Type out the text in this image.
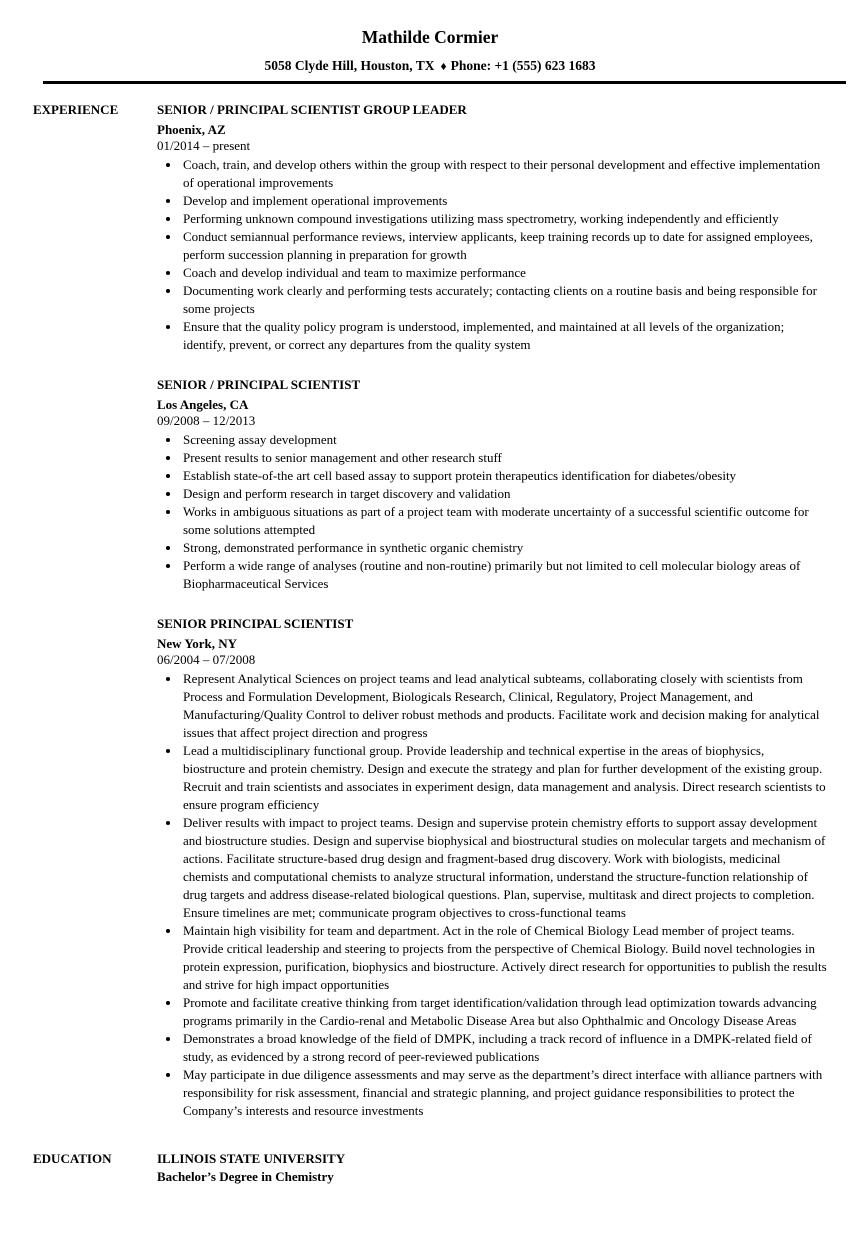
Mathilde Cormier
5058 Clyde Hill, Houston, TX ♦ Phone: +1 (555) 623 1683
EXPERIENCE	SENIOR / PRINCIPAL SCIENTIST GROUP LEADER
Phoenix, AZ
01/2014 – present
• Coach, train, and develop others within the group with respect to their personal development and effective implementation of operational improvements
• Develop and implement operational improvements
• Performing unknown compound investigations utilizing mass spectrometry, working independently and efficiently
• Conduct semiannual performance reviews, interview applicants, keep training records up to date for assigned employees, perform succession planning in preparation for growth
• Coach and develop individual and team to maximize performance
• Documenting work clearly and performing tests accurately; contacting clients on a routine basis and being responsible for some projects
• Ensure that the quality policy program is understood, implemented, and maintained at all levels of the organization; identify, prevent, or correct any departures from the quality system
SENIOR / PRINCIPAL SCIENTIST
Los Angeles, CA
09/2008 – 12/2013
• Screening assay development
• Present results to senior management and other research stuff
• Establish state-of-the art cell based assay to support protein therapeutics identification for diabetes/obesity
• Design and perform research in target discovery and validation
• Works in ambiguous situations as part of a project team with moderate uncertainty of a successful scientific outcome for some solutions attempted
• Strong, demonstrated performance in synthetic organic chemistry
• Perform a wide range of analyses (routine and non-routine) primarily but not limited to cell molecular biology areas of Biopharmaceutical Services
SENIOR PRINCIPAL SCIENTIST
New York, NY
06/2004 – 07/2008
• Represent Analytical Sciences on project teams and lead analytical subteams, collaborating closely with scientists from Process and Formulation Development, Biologicals Research, Clinical, Regulatory, Project Management, and Manufacturing/Quality Control to deliver robust methods and products. Facilitate work and decision making for analytical issues that affect project direction and progress
• Lead a multidisciplinary functional group. Provide leadership and technical expertise in the areas of biophysics, biostructure and protein chemistry. Design and execute the strategy and plan for further development of the existing group. Recruit and train scientists and associates in experiment design, data management and analysis. Direct research scientists to ensure program efficiency
• Deliver results with impact to project teams. Design and supervise protein chemistry efforts to support assay development and biostructure studies. Design and supervise biophysical and biostructural studies on molecular targets and mechanism of actions. Facilitate structure-based drug design and fragment-based drug discovery. Work with biologists, medicinal chemists and computational chemists to analyze structural information, understand the structure-function relationship of drug targets and address disease-related biological questions. Plan, supervise, multitask and direct projects to completion. Ensure timelines are met; communicate program objectives to cross-functional teams
• Maintain high visibility for team and department. Act in the role of Chemical Biology Lead member of project teams. Provide critical leadership and steering to projects from the perspective of Chemical Biology. Build novel technologies in protein expression, purification, biophysics and biostructure. Actively direct research for opportunities to publish the results and strive for high impact opportunities
• Promote and facilitate creative thinking from target identification/validation through lead optimization towards advancing programs primarily in the Cardio-renal and Metabolic Disease Area but also Ophthalmic and Oncology Disease Areas
• Demonstrates a broad knowledge of the field of DMPK, including a track record of influence in a DMPK-related field of study, as evidenced by a strong record of peer-reviewed publications
• May participate in due diligence assessments and may serve as the department’s direct interface with alliance partners with responsibility for risk assessment, financial and strategic planning, and project guidance responsibilities to protect the Company’s interests and resource investments
EDUCATION	ILLINOIS STATE UNIVERSITY
Bachelor’s Degree in Chemistry
